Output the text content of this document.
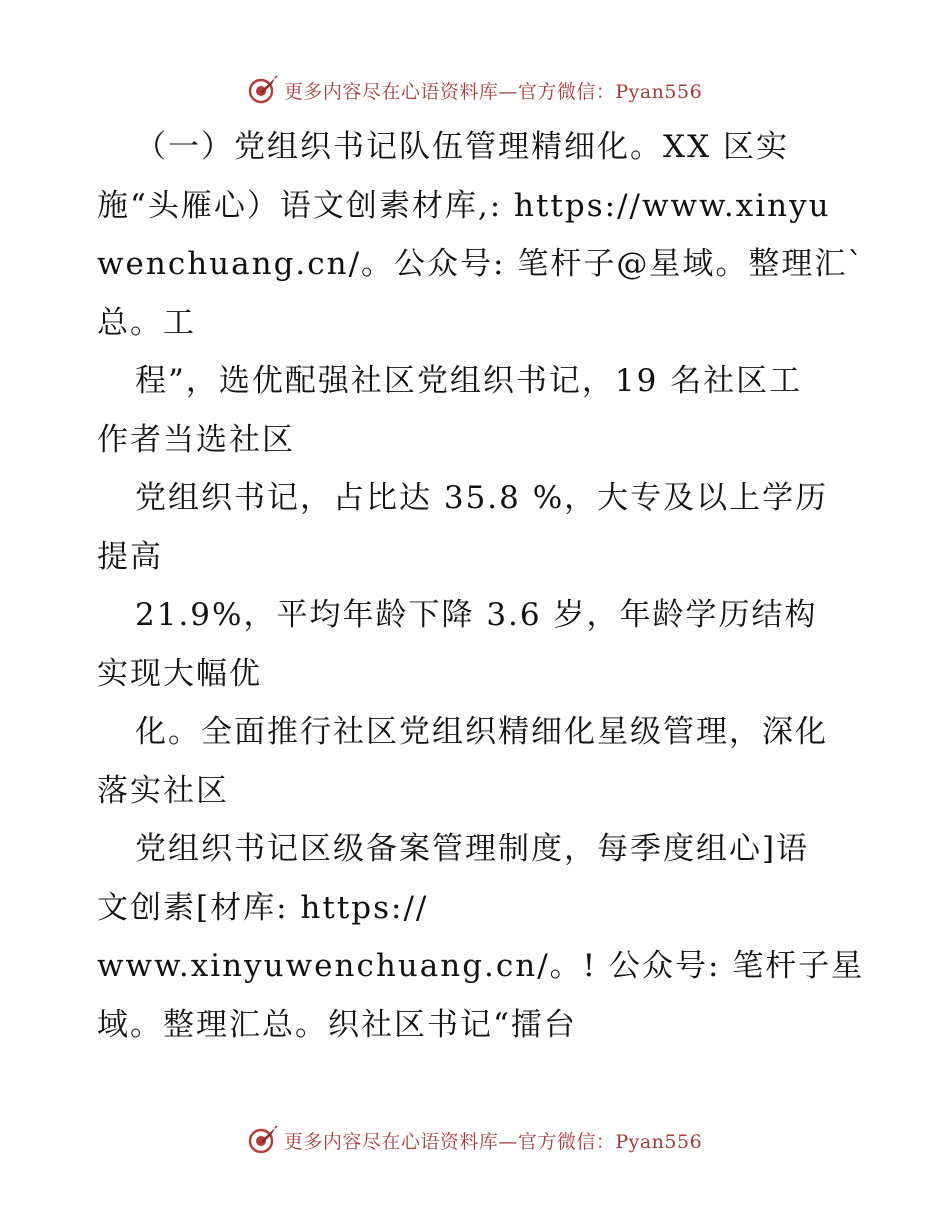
更多内容尽在心语资料库—官方微信：Pyan556
（一）党组织书记队伍管理精细化。XX 区实
施“头雁心）语文创素材库,: https://www.xinyu
wenchuang.cn/。公众号: 笔杆子@星域。整理汇`
总。工
程”，选优配强社区党组织书记，19 名社区工
作者当选社区
党组织书记，占比达 35.8 %，大专及以上学历
提高
21.9%，平均年龄下降 3.6 岁，年龄学历结构
实现大幅优
化。全面推行社区党组织精细化星级管理，深化
落实社区
党组织书记区级备案管理制度，每季度组心]语
文创素[材库: https://
www.xinyuwenchuang.cn/。! 公众号: 笔杆子星
域。整理汇总。织社区书记“擂台
更多内容尽在心语资料库—官方微信：Pyan556
